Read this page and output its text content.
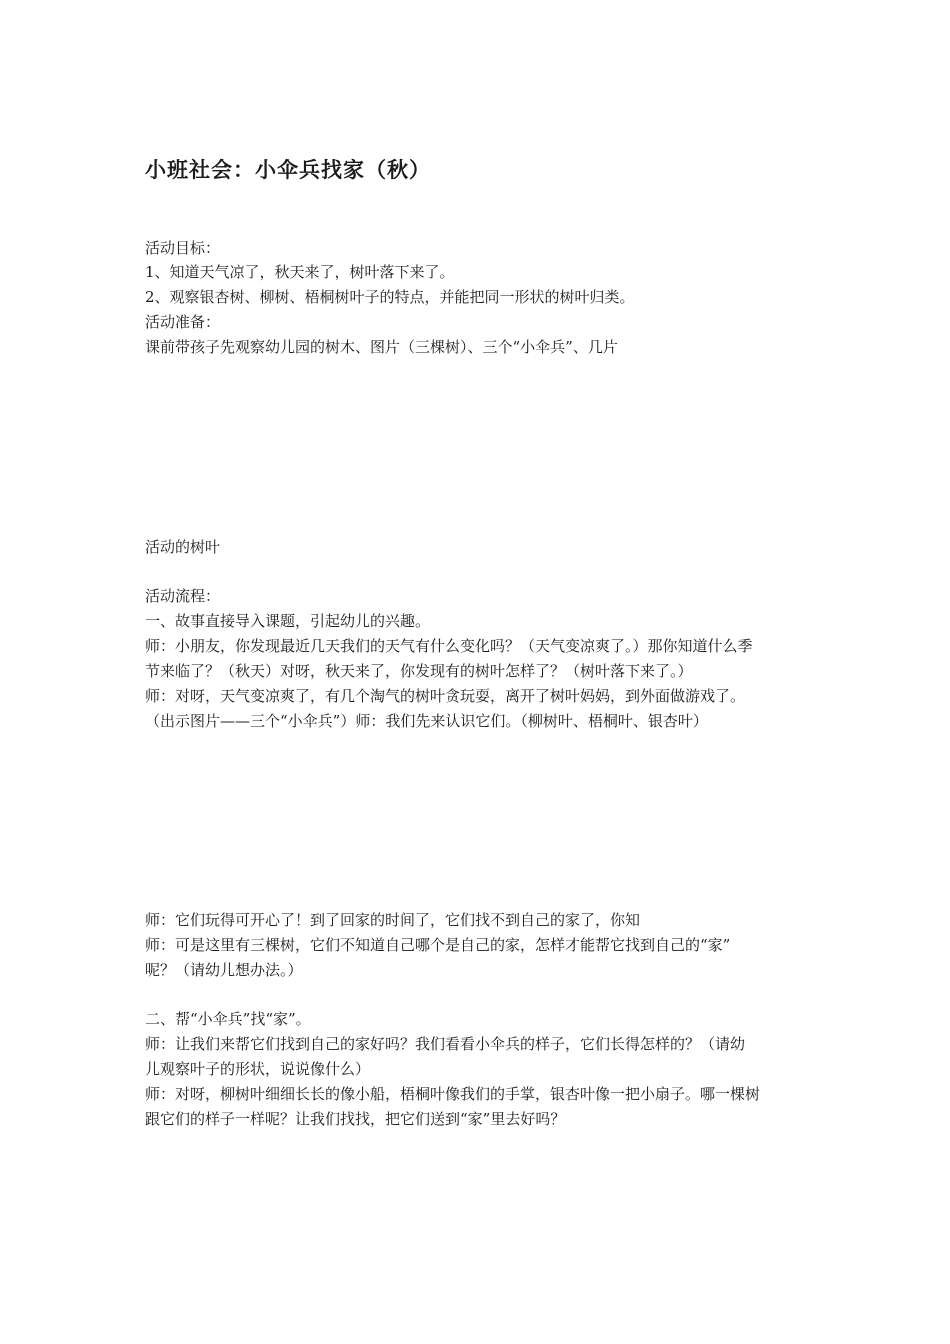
小班社会：小伞兵找家（秋）

活动目标：

1、知道天气凉了，秋天来了，树叶落下来了。

2、观察银杏树、柳树、梧桐树叶子的特点，并能把同一形状的树叶归类。

活动准备：

课前带孩子先观察幼儿园的树木、图片（三棵树）、三个“小伞兵”、几片

活动的树叶

活动流程：

一、故事直接导入课题，引起幼儿的兴趣。

师：小朋友，你发现最近几天我们的天气有什么变化吗？（天气变凉爽了。）那你知道什么季

节来临了？（秋天）对呀，秋天来了，你发现有的树叶怎样了？（树叶落下来了。）

师：对呀，天气变凉爽了，有几个淘气的树叶贪玩耍，离开了树叶妈妈，到外面做游戏了。

（出示图片——三个“小伞兵”）师：我们先来认识它们。（柳树叶、梧桐叶、银杏叶）

师：它们玩得可开心了！到了回家的时间了，它们找不到自己的家了，你知

师：可是这里有三棵树，它们不知道自己哪个是自己的家，怎样才能帮它找到自己的“家”

呢？（请幼儿想办法。）

二、帮“小伞兵”找“家”。

师：让我们来帮它们找到自己的家好吗？我们看看小伞兵的样子，它们长得怎样的？（请幼

儿观察叶子的形状，说说像什么）

师：对呀，柳树叶细细长长的像小船，梧桐叶像我们的手掌，银杏叶像一把小扇子。哪一棵树

跟它们的样子一样呢？让我们找找，把它们送到“家”里去好吗？
